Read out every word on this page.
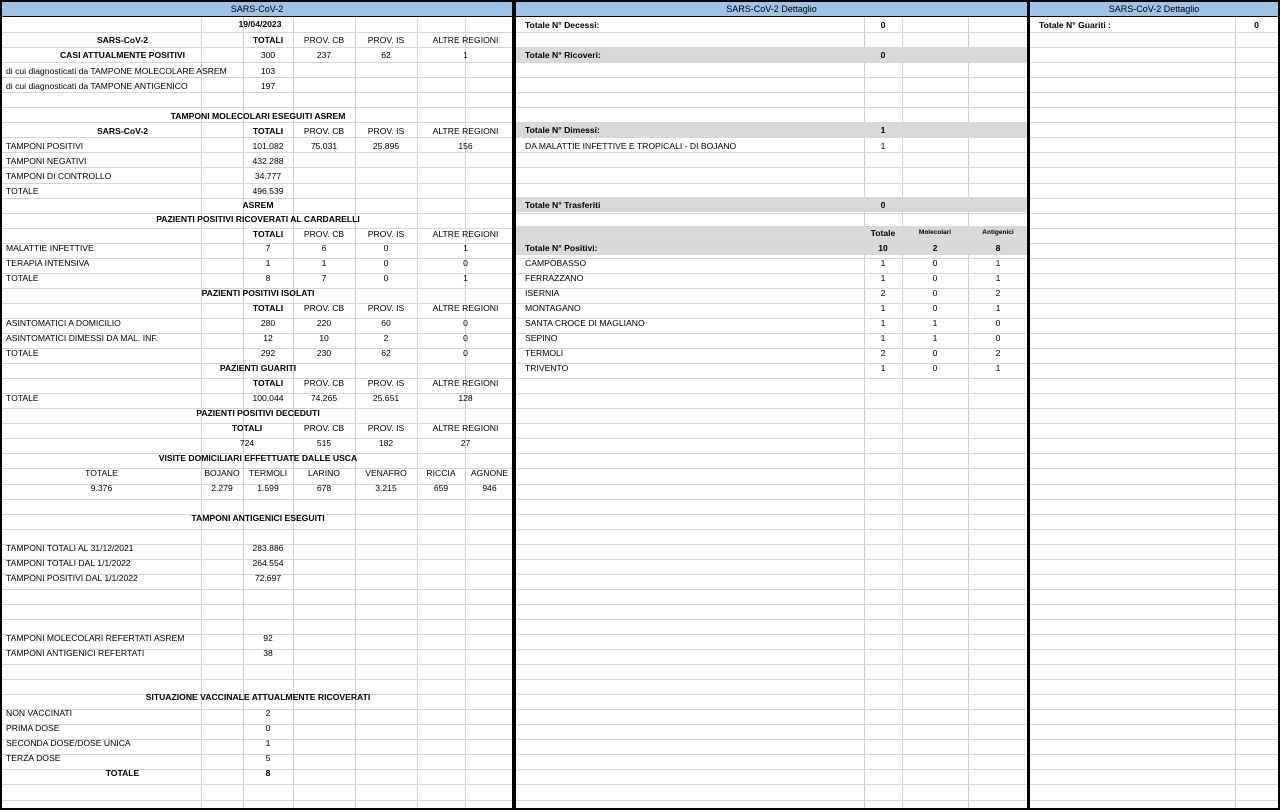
SARS-CoV-2
19/04/2023
SARS-CoV-2	TOTALI	PROV. CB	PROV. IS	ALTRE REGIONI
CASI ATTUALMENTE POSITIVI	300	237	62	1
di cui diagnosticati da TAMPONE MOLECOLARE ASREM	103
di cui diagnosticati da TAMPONE ANTIGENICO	197
TAMPONI MOLECOLARI ESEGUITI ASREM
SARS-CoV-2	TOTALI	PROV. CB	PROV. IS	ALTRE REGIONI
TAMPONI POSITIVI	101.082	75.031	25.895	156
TAMPONI NEGATIVI	432.288
TAMPONI DI CONTROLLO	34.777
TOTALE	496.539
ASREM
PAZIENTI POSITIVI RICOVERATI AL CARDARELLI
TOTALI	PROV. CB	PROV. IS	ALTRE REGIONI
MALATTIE INFETTIVE	7	6	0	1
TERAPIA INTENSIVA	1	1	0	0
TOTALE	8	7	0	1
PAZIENTI POSITIVI ISOLATI
TOTALI	PROV. CB	PROV. IS	ALTRE REGIONI
ASINTOMATICI A DOMICILIO	280	220	60	0
ASINTOMATICI DIMESSI DA MAL. INF.	12	10	2	0
TOTALE	292	230	62	0
PAZIENTI GUARITI
TOTALI	PROV. CB	PROV. IS	ALTRE REGIONI
TOTALE	100.044	74.265	25.651	128
PAZIENTI POSITIVI DECEDUTI
TOTALI	PROV. CB	PROV. IS	ALTRE REGIONI
724	515	182	27
VISITE DOMICILIARI EFFETTUATE DALLE USCA
TOTALE	BOJANO	TERMOLI	LARINO	VENAFRO	RICCIA	AGNONE
9.376	2.279	1.599	678	3.215	659	946
TAMPONI ANTIGENICI ESEGUITI
TAMPONI TOTALI AL 31/12/2021	283.886
TAMPONI TOTALI DAL 1/1/2022	264.554
TAMPONI POSITIVI DAL 1/1/2022	72.697
TAMPONI MOLECOLARI REFERTATI ASREM	92
TAMPONI ANTIGENICI REFERTATI	38
SITUAZIONE VACCINALE ATTUALMENTE RICOVERATI
NON VACCINATI	2
PRIMA DOSE	0
SECONDA DOSE/DOSE UNICA	1
TERZA DOSE	5
TOTALE	8
SARS-CoV-2 Dettaglio
Totale N° Decessi:	0
Totale N° Ricoveri:	0
Totale N° Dimessi:	1
DA MALATTIE INFETTIVE E TROPICALI - DI BOJANO	1
Totale N° Trasferiti	0
Totale	Molecolari	Antigenici
Totale N° Positivi:	10	2	8
CAMPOBASSO	1	0	1
FERRAZZANO	1	0	1
ISERNIA	2	0	2
MONTAGANO	1	0	1
SANTA CROCE DI MAGLIANO	1	1	0
SEPINO	1	1	0
TERMOLI	2	0	2
TRIVENTO	1	0	1
SARS-CoV-2 Dettaglio
Totale N° Guariti :	0
